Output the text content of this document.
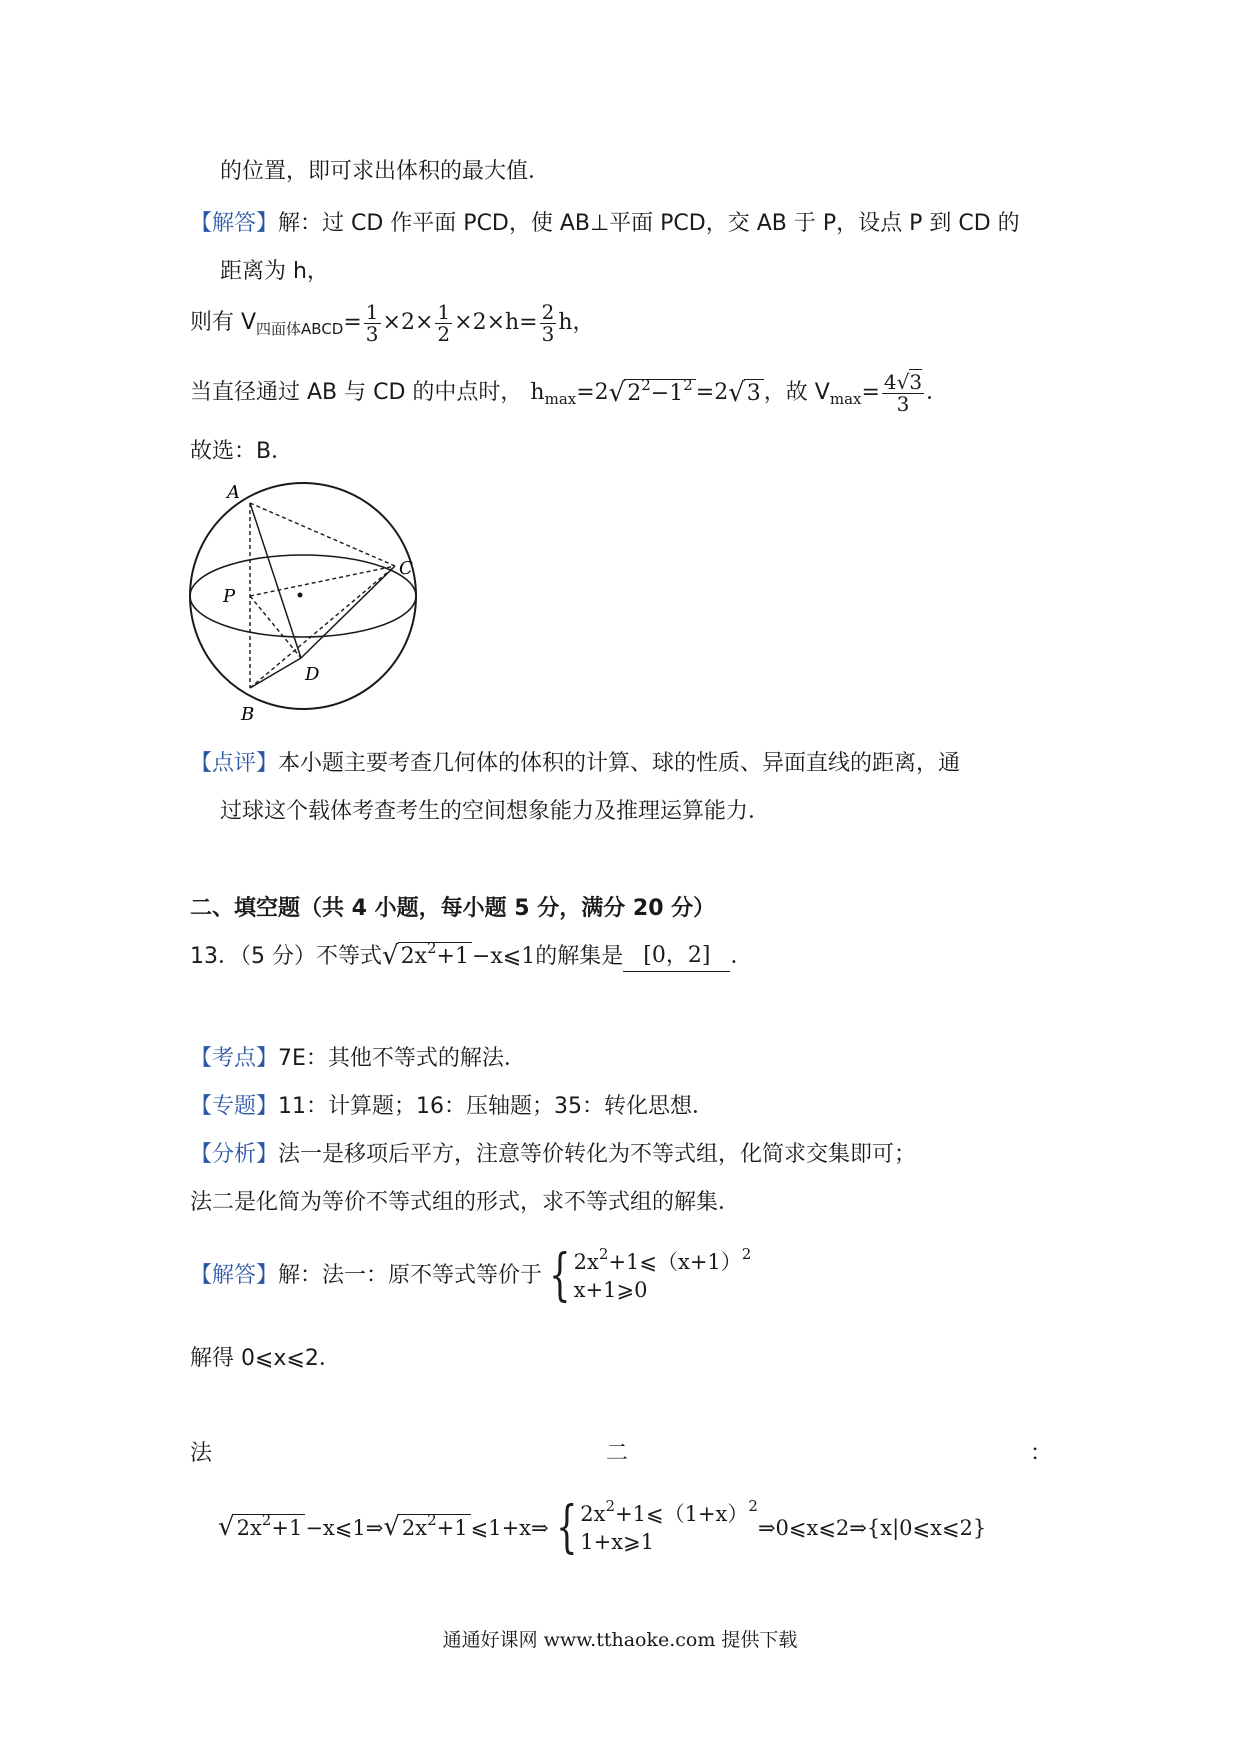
的位置，即可求出体积的最大值．
【解答】解：过 CD 作平面 PCD，使 AB⊥平面 PCD，交 AB 于 P，设点 P 到 CD 的
距离为 h，
则有 V 四面体ABCD = $\frac{1}{3} \times 2\times \frac{1}{2} \times 2\times h= \frac{2}{3}$ h，
当直径通过 AB 与 CD 的中点时， h max =2 √ $2^2-1^2 =2$ √ 3 ，故 V $\max = \frac{4√3}{3}$ ．
故选：B．
A
C
P
D
B
【点评】本小题主要考查几何体的体积的计算、球的性质、异面直线的距离，通
过球这个载体考查考生的空间想象能力及推理运算能力．
二、填空题（共 4 小题，每小题 5 分，满分 20 分）
13．（5 分）不等式 √ $2x^2+1$ −x⩽1 的解集是 [0，2] ．
【考点】7E：其他不等式的解法．
【专题】11：计算题；16：压轴题；35：转化思想．
【分析】法一是移项后平方，注意等价转化为不等式组，化简求交集即可；
法二是化简为等价不等式组的形式，求不等式组的解集．
【解答】 解：法一：原不等式等价于 { $2x^2+1⩽(x+1)^2$
x+1⩾0
解得 0⩽x⩽2．
法	二	：
√ $2x^2+1$ −x⩽1⇒ √ $2x^2+1$ ⩽1+x⇒ { $2x^2+1⩽(1+x)^2$
1+x⩾1
⇒0⩽x⩽2⇒{x|0⩽x⩽2}
通通好课网 www.tthaoke.com 提供下载
